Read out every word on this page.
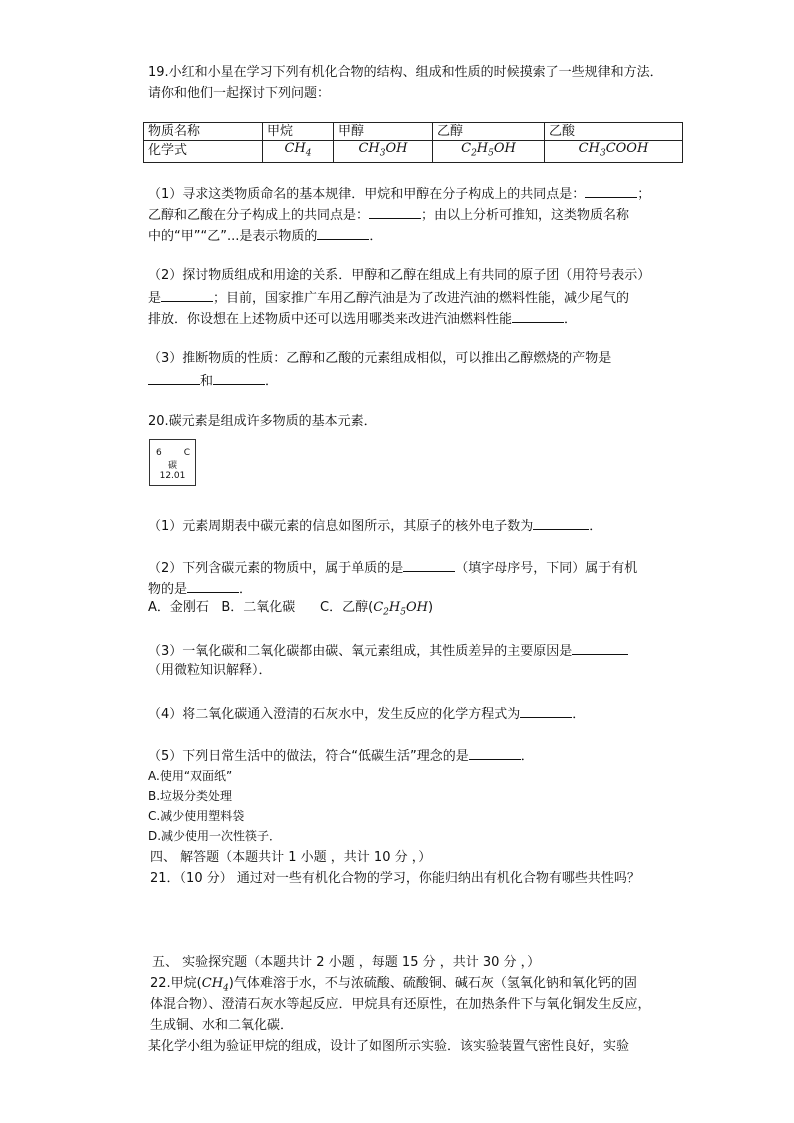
19.小红和小星在学习下列有机化合物的结构、组成和性质的时候摸索了一些规律和方法．请你和他们一起探讨下列问题：
物质名称	甲烷	甲醇	乙醇	乙酸
化学式	$CH_4$	$CH_3OH$	$C_2H_5OH$	$CH_3COOH$
（1）寻求这类物质命名的基本规律．甲烷和甲醇在分子构成上的共同点是：	；
乙醇和乙酸在分子构成上的共同点是：	；由以上分析可推知，这类物质名称
中的“甲”“乙”...是表示物质的	．
（2）探讨物质组成和用途的关系．甲醇和乙醇在组成上有共同的原子团（用符号表示）
是	；目前，国家推广车用乙醇汽油是为了改进汽油的燃料性能，减少尾气的
排放．你设想在上述物质中还可以选用哪类来改进汽油燃料性能	．
（3）推断物质的性质：乙醇和乙酸的元素组成相似，可以推出乙醇燃烧的产物是
和	．
20.碳元素是组成许多物质的基本元素．
6 C
碳
12.01
（1）元素周期表中碳元素的信息如图所示，其原子的核外电子数为	．
（2）下列含碳元素的物质中，属于单质的是	（填字母序号，下同）属于有机
物的是	．
A．金刚石 B．二氧化碳 C．乙醇$(C_2H_5OH)$
（3）一氧化碳和二氧化碳都由碳、氧元素组成，其性质差异的主要原因是
（用微粒知识解释）．
（4）将二氧化碳通入澄清的石灰水中，发生反应的化学方程式为	．
（5）下列日常生活中的做法，符合“低碳生活”理念的是	．
A.使用“双面纸”
B.垃圾分类处理
C.减少使用塑料袋
D.减少使用一次性筷子．
四、 解答题（本题共计 1 小题 ，共计 10 分 ，）
21．（10 分） 通过对一些有机化合物的学习，你能归纳出有机化合物有哪些共性吗？
五、 实验探究题（本题共计 2 小题 ，每题 15 分 ，共计 30 分 ，）
22.甲烷$(CH_4)$气体难溶于水，不与浓硫酸、硫酸铜、碱石灰（氢氧化钠和氧化钙的固
体混合物）、澄清石灰水等起反应．甲烷具有还原性，在加热条件下与氧化铜发生反应，
生成铜、水和二氧化碳．
某化学小组为验证甲烷的组成，设计了如图所示实验．该实验装置气密性良好，实验
